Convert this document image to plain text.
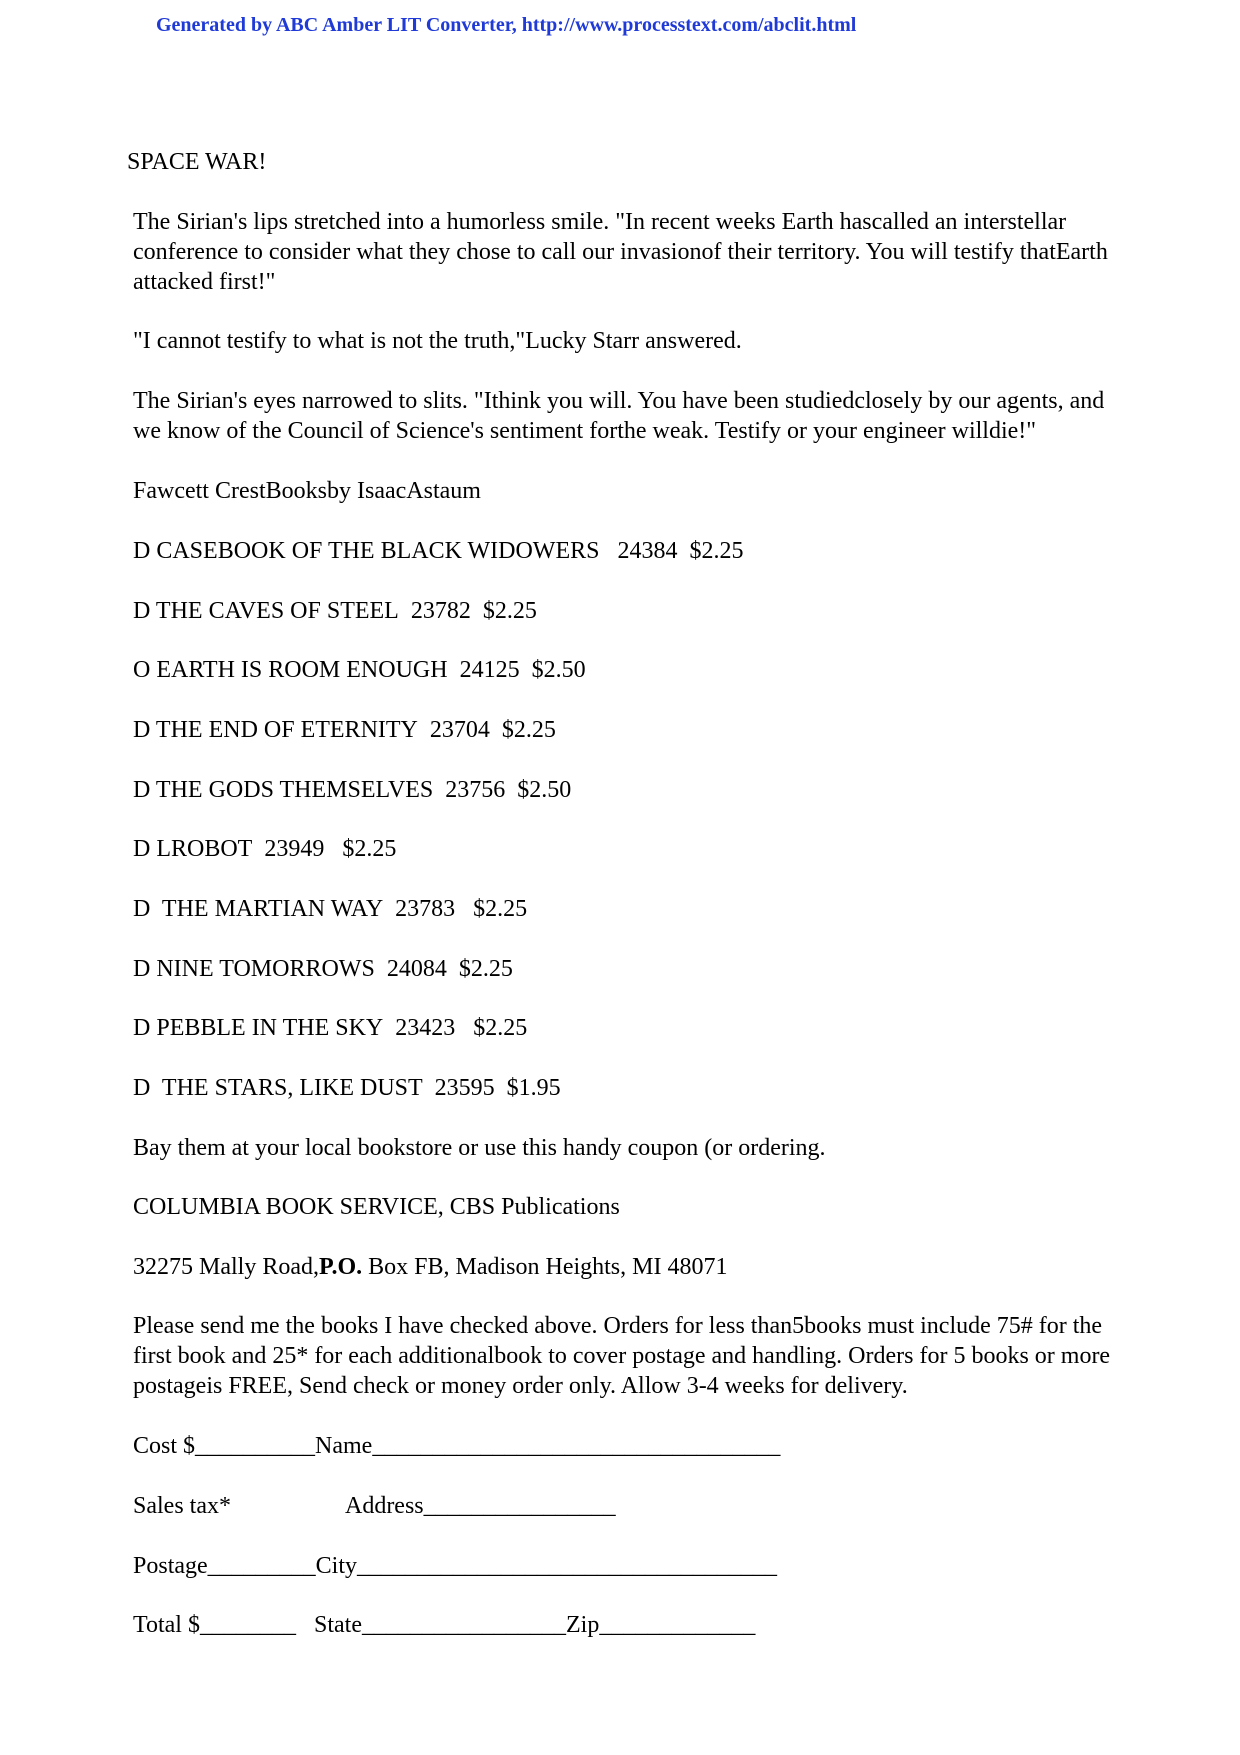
Generated by ABC Amber LIT Converter, http://www.processtext.com/abclit.html
SPACE WAR!
The Sirian's lips stretched into a humorless smile. "In recent weeks Earth hascalled an interstellar conference to consider what they chose to call our invasionof their territory. You will testify thatEarth attacked first!"
"I cannot testify to what is not the truth,"Lucky Starr answered.
The Sirian's eyes narrowed to slits. "Ithink you will. You have been studiedclosely by our agents, and we know of the Council of Science's sentiment forthe weak. Testify or your engineer willdie!"
Fawcett CrestBooksby IsaacAstaum
D CASEBOOK OF THE BLACK WIDOWERS 24384 $2.25
D THE CAVES OF STEEL 23782 $2.25
O EARTH IS ROOM ENOUGH 24125 $2.50
D THE END OF ETERNITY 23704 $2.25
D THE GODS THEMSELVES 23756 $2.50
D LROBOT 23949 $2.25
D THE MARTIAN WAY 23783 $2.25
D NINE TOMORROWS 24084 $2.25
D PEBBLE IN THE SKY 23423 $2.25
D THE STARS, LIKE DUST 23595 $1.95
Bay them at your local bookstore or use this handy coupon (or ordering.
COLUMBIA BOOK SERVICE, CBS Publications
32275 Mally Road,P.O. Box FB, Madison Heights, MI 48071
Please send me the books I have checked above. Orders for less than5books must include 75# for the first book and 25* for each additionalbook to cover postage and handling. Orders for 5 books or more postageis FREE, Send check or money order only. Allow 3-4 weeks for delivery.
Cost $__________Name__________________________________
Sales tax*	Address________________
Postage_________City___________________________________
Total $________ State_________________Zip_____________
